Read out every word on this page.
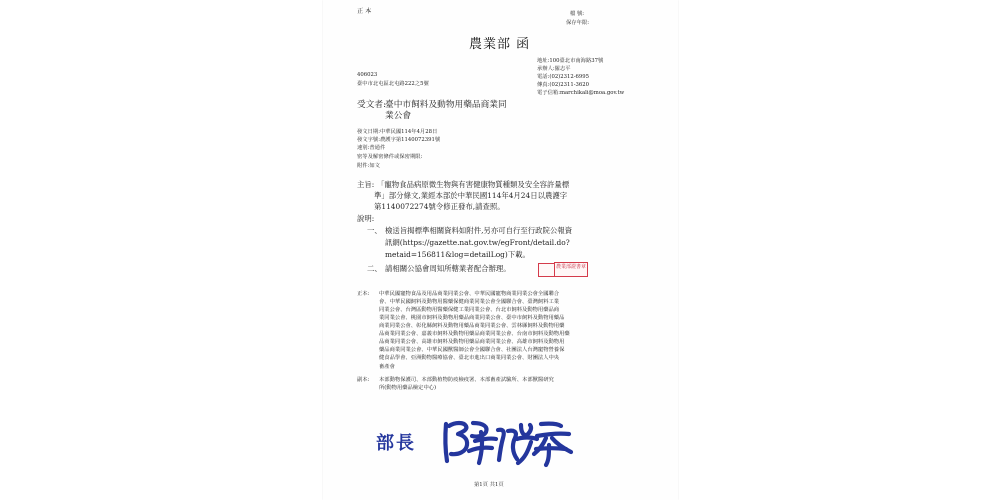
正 本	檔 號:
保存年限:
農業部 函
406023
臺中市北屯區北屯路222之5號
地址:100臺北市南海路37號
承辦人:羅志平
電話:(02)2312-6995
傳真:(02)2311-3620
電子信箱:marchikali@moa.gov.tw
受文者: 臺中市飼料及動物用藥品商業同
業公會
發文日期:中華民國114年4月28日
發文字號:農護字第1140072391號
速別:普通件
密等及解密條件或保密期限:
附件:如文
主旨: 「寵物食品病原微生物與有害健康物質種類及安全容許量標
準」部分條文,業經本部於中華民國114年4月24日以農護字
第1140072274號令修正發布,請查照。
說明:
一、 檢送旨揭標準相關資料如附件,另亦可自行至行政院公報資
訊網(https://gazette.nat.gov.tw/egFront/detail.do?
metaid=156811&log=detailLog)下載。
二、 請相關公協會周知所轄業者配合辦理。	農業部證書章
正本: 中華民國寵物食品及用品商業同業公會、中華民國寵物商業同業公會全國聯合
會、中華民國飼料及動物用醫藥保健商業同業公會全國聯合會、臺灣飼料工業
同業公會、台灣區動物用醫藥保健工業同業公會、台北市飼料及動物用藥品商
業同業公會、桃園市飼料及動物用藥品商業同業公會、臺中市飼料及動物用藥品
商業同業公會、彰化縣飼料及動物用藥品商業同業公會、雲林縣飼料及動物用藥
品商業同業公會、嘉義市飼料及動物用藥品商業同業公會、台南市飼料及動物用藥
品商業同業公會、高雄市飼料及動物用藥品商業同業公會、高雄市飼料及動物用
藥品商業同業公會、中華民國獸醫師公會全國聯合會、社團法人台灣寵物營養保
健食品學會、亞洲動物醫療協會、臺北市進出口商業同業公會、財團法人中央
畜產會
副本: 本部動物保護司、本部動植物防疫檢疫署、本部畜產試驗所、本部獸醫研究
所(動物用藥品檢定中心)
部長
第1頁 共1頁
